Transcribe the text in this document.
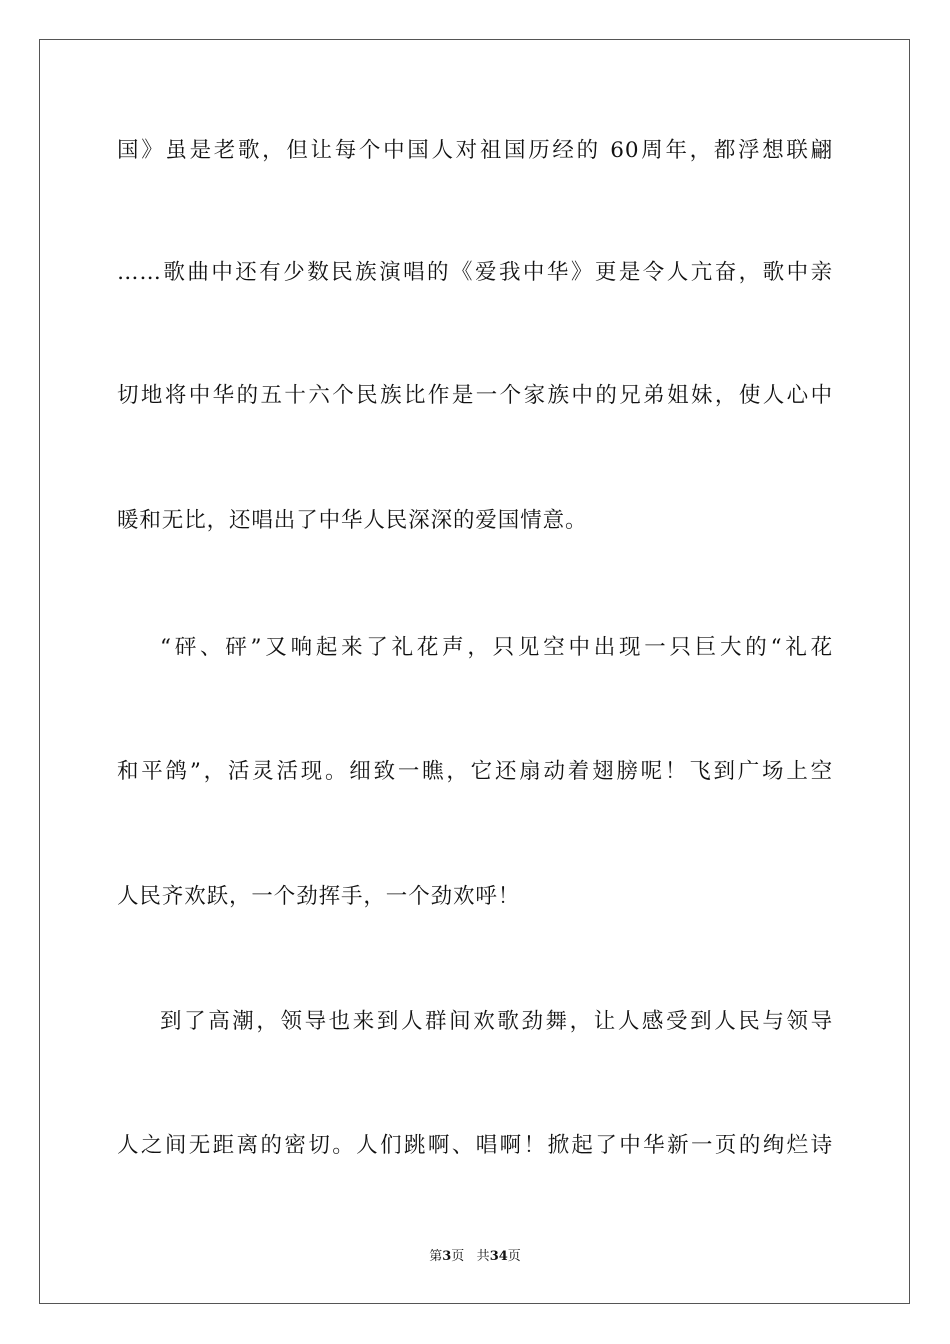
国》虽是老歌，但让每个中国人对祖国历经的 60周年，都浮想联翩
……歌曲中还有少数民族演唱的《爱我中华》更是令人亢奋，歌中亲
切地将中华的五十六个民族比作是一个家族中的兄弟姐妹，使人心中
暖和无比，还唱出了中华人民深深的爱国情意。
“砰、砰”又响起来了礼花声，只见空中出现一只巨大的“礼花
和平鸽”，活灵活现。细致一瞧，它还扇动着翅膀呢！飞到广场上空
人民齐欢跃，一个劲挥手，一个劲欢呼！
到了高潮，领导也来到人群间欢歌劲舞，让人感受到人民与领导
人之间无距离的密切。人们跳啊、唱啊！掀起了中华新一页的绚烂诗
第3页 共34页
